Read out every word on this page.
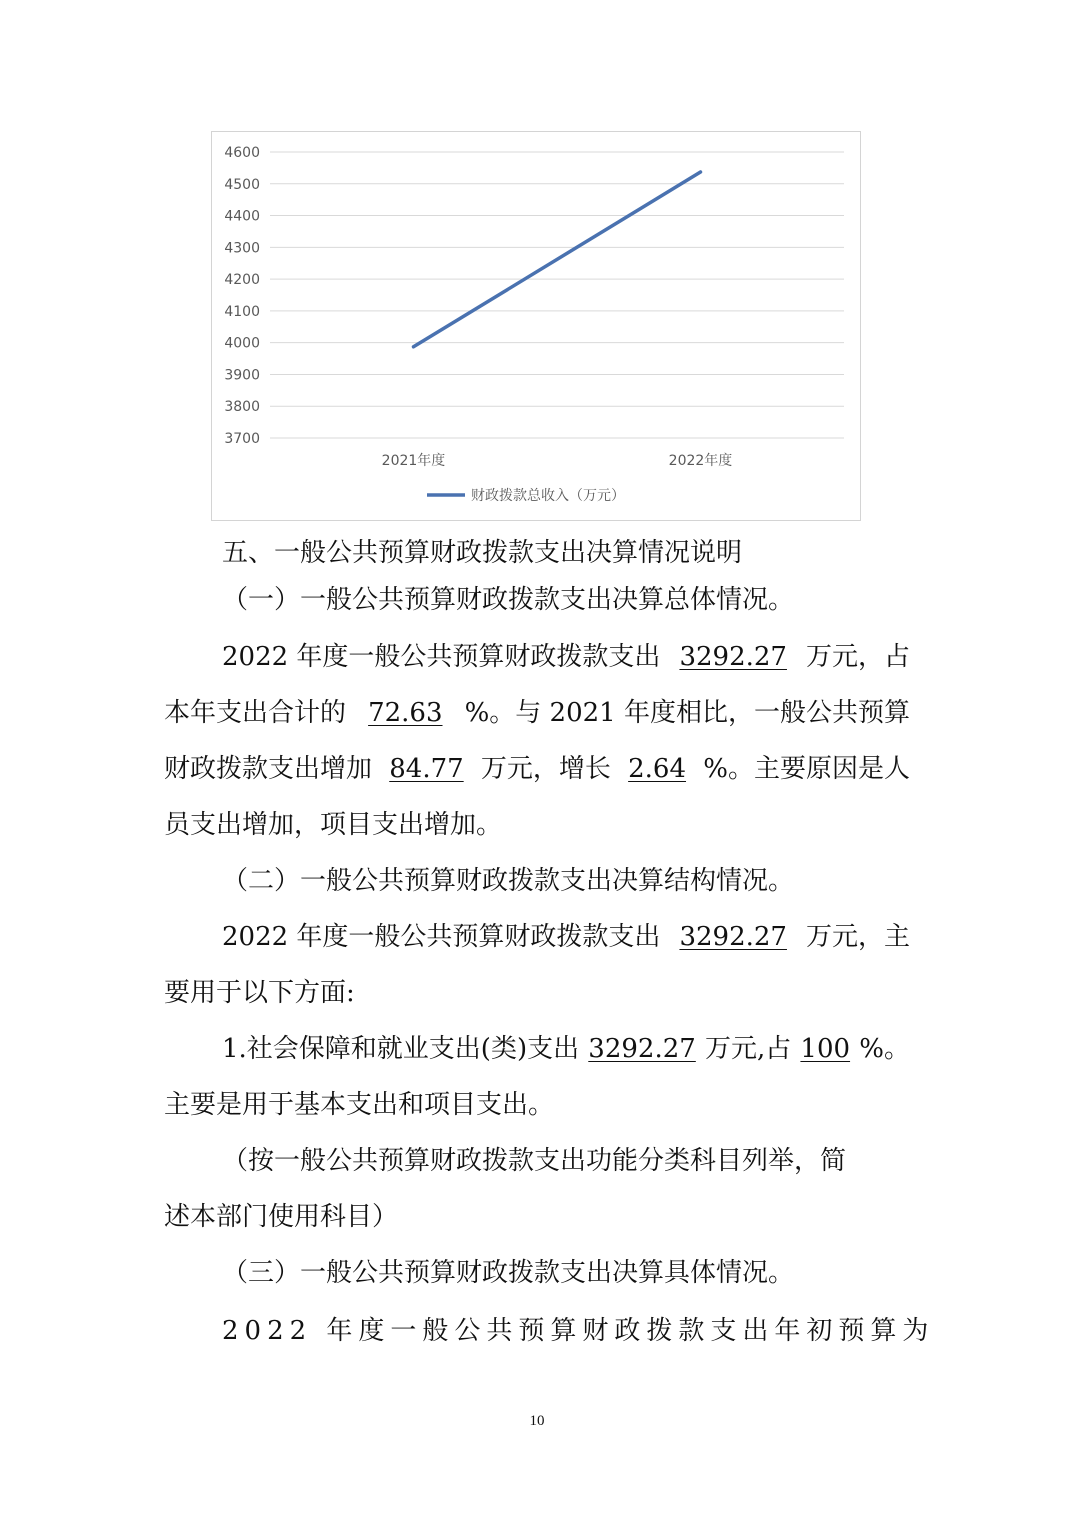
4600
4500
4400
4300
4200
4100
4000
3900
3800
3700
2021年度	2022年度
财政拨款总收入（万元）
五、一般公共预算财政拨款支出决算情况说明
（一）一般公共预算财政拨款支出决算总体情况。
2022 年度一般公共预算财政拨款支出 3292.27 万元，占
本年支出合计的 72.63 %。与 2021 年度相比，一般公共预算
财政拨款支出增加 84.77 万元，增长 2.64 %。主要原因是人
员支出增加，项目支出增加。
（二）一般公共预算财政拨款支出决算结构情况。
2022 年度一般公共预算财政拨款支出 3292.27 万元，主
要用于以下方面:
1.社会保障和就业支出(类)支出 3292.27 万元,占 100 %。
主要是用于基本支出和项目支出。
（按一般公共预算财政拨款支出功能分类科目列举，简
述本部门使用科目）
（三）一般公共预算财政拨款支出决算具体情况。
2022 年度一般公共预算财政拨款支出年初预算为
10
